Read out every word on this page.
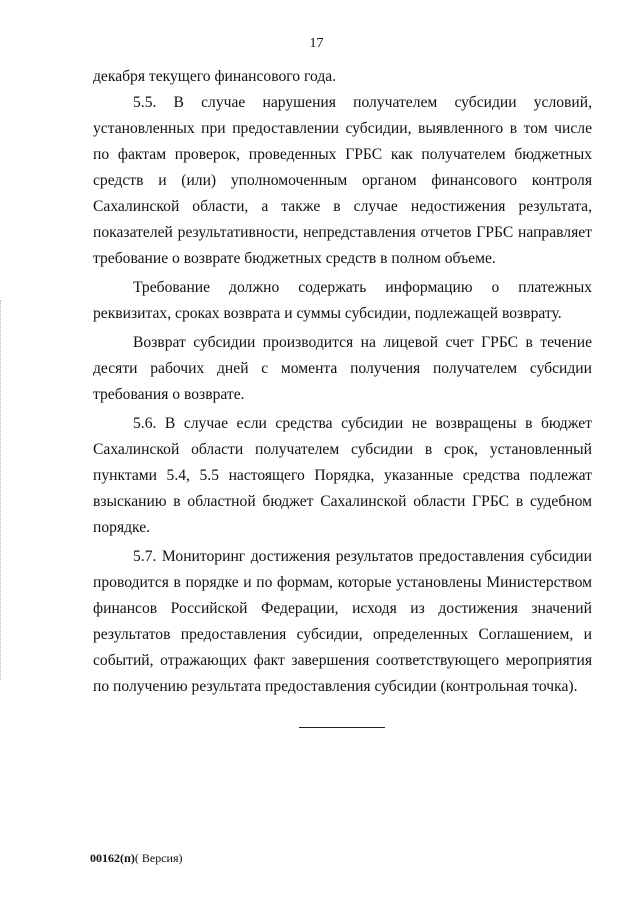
17

декабря текущего финансового года.

5.5. В случае нарушения получателем субсидии условий, установленных при предоставлении субсидии, выявленного в том числе по фактам проверок, проведенных ГРБС как получателем бюджетных средств и (или) уполномоченным органом финансового контроля Сахалинской области, а также в случае недостижения результата, показателей результативности, непредставления отчетов ГРБС направляет требование о возврате бюджетных средств в полном объеме.

Требование должно содержать информацию о платежных реквизитах, сроках возврата и суммы субсидии, подлежащей возврату.

Возврат субсидии производится на лицевой счет ГРБС в течение десяти рабочих дней с момента получения получателем субсидии требования о возврате.

5.6. В случае если средства субсидии не возвращены в бюджет Сахалинской области получателем субсидии в срок, установленный пунктами 5.4, 5.5 настоящего Порядка, указанные средства подлежат взысканию в областной бюджет Сахалинской области ГРБС в судебном порядке.

5.7. Мониторинг достижения результатов предоставления субсидии проводится в порядке и по формам, которые установлены Министерством финансов Российской Федерации, исходя из достижения значений результатов предоставления субсидии, определенных Соглашением, и событий, отражающих факт завершения соответствующего мероприятия по получению результата предоставления субсидии (контрольная точка).

00162(п)( Версия)
